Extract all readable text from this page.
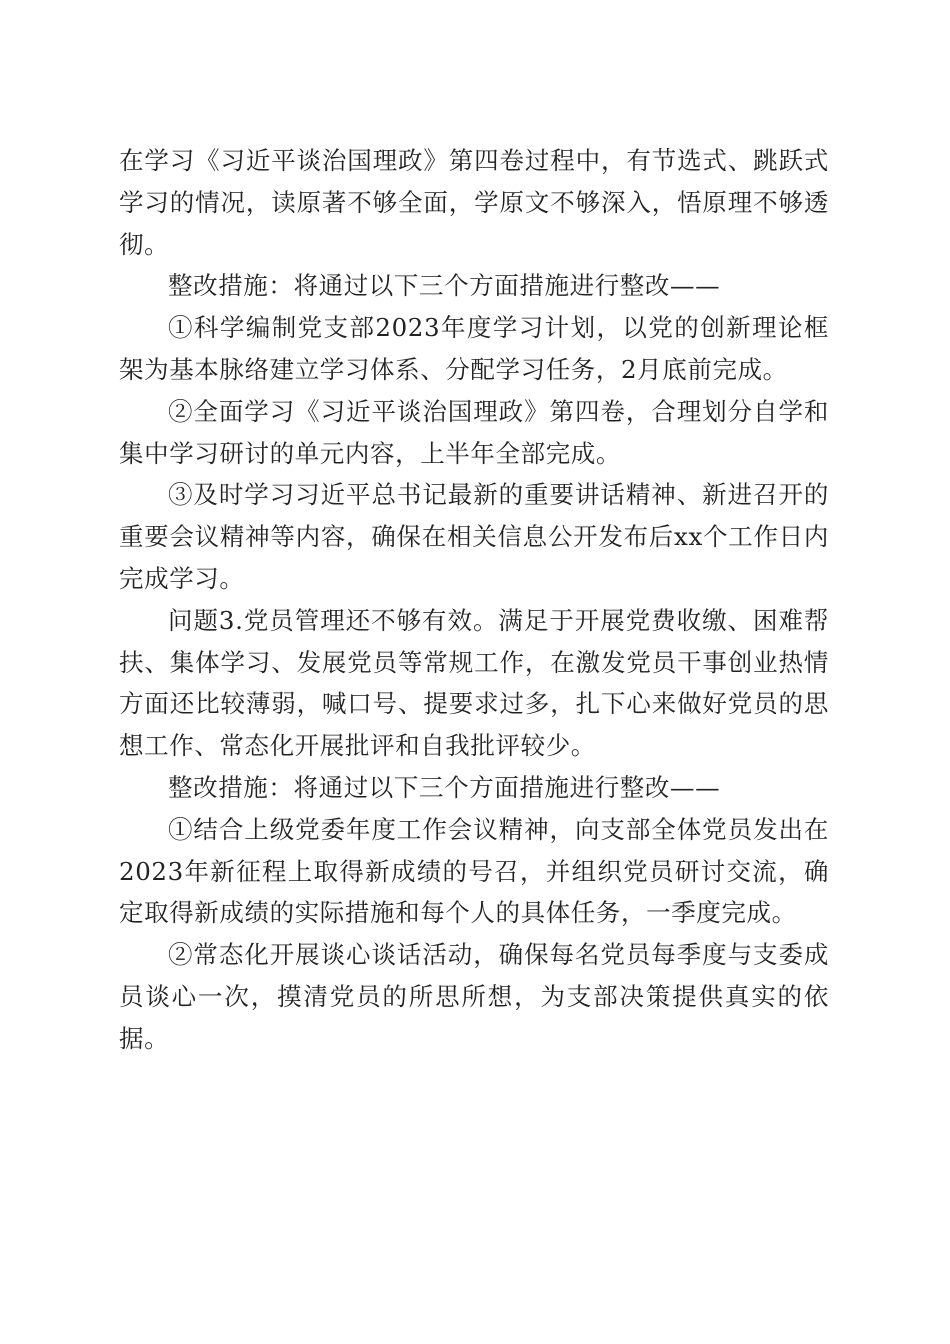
在学习《习近平谈治国理政》第四卷过程中，有节选式、跳跃式学习的情况，读原著不够全面，学原文不够深入，悟原理不够透彻。

整改措施：将通过以下三个方面措施进行整改——

①科学编制党支部2023年度学习计划，以党的创新理论框架为基本脉络建立学习体系、分配学习任务，2月底前完成。

②全面学习《习近平谈治国理政》第四卷，合理划分自学和集中学习研讨的单元内容，上半年全部完成。

③及时学习习近平总书记最新的重要讲话精神、新进召开的重要会议精神等内容，确保在相关信息公开发布后xx个工作日内完成学习。

问题3.党员管理还不够有效。满足于开展党费收缴、困难帮扶、集体学习、发展党员等常规工作，在激发党员干事创业热情方面还比较薄弱，喊口号、提要求过多，扎下心来做好党员的思想工作、常态化开展批评和自我批评较少。

整改措施：将通过以下三个方面措施进行整改——

①结合上级党委年度工作会议精神，向支部全体党员发出在2023年新征程上取得新成绩的号召，并组织党员研讨交流，确定取得新成绩的实际措施和每个人的具体任务，一季度完成。

②常态化开展谈心谈话活动，确保每名党员每季度与支委成员谈心一次，摸清党员的所思所想，为支部决策提供真实的依据。
